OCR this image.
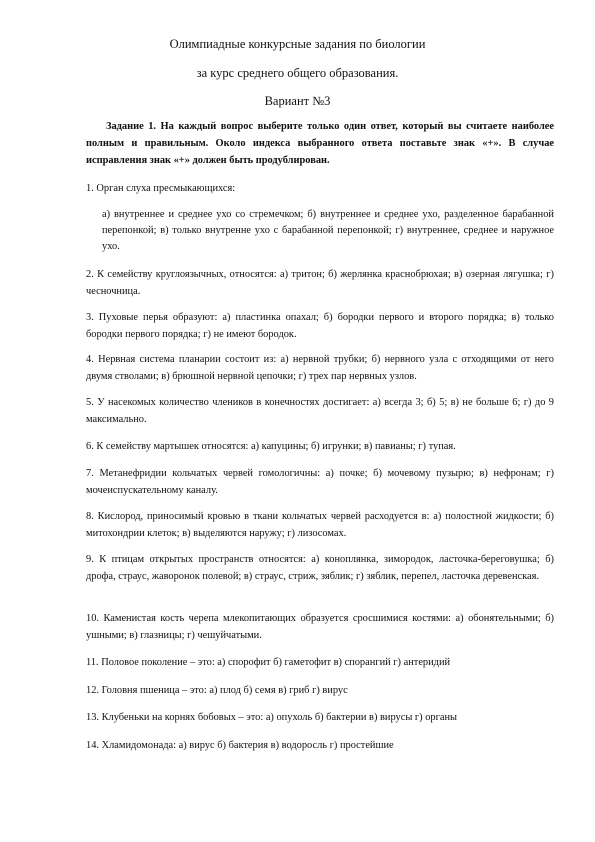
Олимпиадные конкурсные задания по биологии
за курс среднего общего образования.
Вариант №3
Задание 1. На каждый вопрос выберите только один ответ, который вы считаете наиболее полным и правильным. Около индекса выбранного ответа поставьте знак «+». В случае исправления знак «+» должен быть продублирован.
1. Орган слуха пресмыкающихся:
а) внутреннее и среднее ухо со стремечком; б) внутреннее и среднее ухо, разделенное барабанной перепонкой; в) только внутренне ухо с барабанной перепонкой; г) внутреннее, среднее и наружное ухо.
2. К семейству круглоязычных, относятся: а) тритон; б) жерлянка краснобрюхая; в) озерная лягушка; г) чесночница.
3. Пуховые перья образуют: а) пластинка опахал; б) бородки первого и второго порядка; в) только бородки первого порядка; г) не имеют бородок.
4. Нервная система планарии состоит из: а) нервной трубки; б) нервного узла с отходящими от него двумя стволами; в) брюшной нервной цепочки; г) трех пар нервных узлов.
5. У насекомых количество члеников в конечностях достигает: а) всегда 3; б) 5; в) не больше 6; г) до 9 максимально.
6. К семейству мартышек относятся: а) капуцины; б) игрунки; в) павианы; г) тупая.
7. Метанефридии кольчатых червей гомологичны: а) почке; б) мочевому пузырю; в) нефронам; г) мочеиспускательному каналу.
8. Кислород, приносимый кровью в ткани кольчатых червей расходуется в: а) полостной жидкости; б) митохондрии клеток; в) выделяются наружу; г) лизосомах.
9. К птицам открытых пространств относятся: а) коноплянка, зимородок, ласточка-береговушка; б) дрофа, страус, жаворонок полевой; в) страус, стриж, зяблик; г) зяблик, перепел, ласточка деревенская.
10. Каменистая кость черепа млекопитающих образуется сросшимися костями: а) обонятельными; б) ушными; в) глазницы; г) чешуйчатыми.
11. Половое поколение – это: а) спорофит б) гаметофит в) спорангий г) антеридий
12. Головня пшеница – это: а) плод б) семя в) гриб г) вирус
13. Клубеньки на корнях бобовых – это: а) опухоль б) бактерии в) вирусы г) органы
14. Хламидомонада: а) вирус б) бактерия в) водоросль г) простейшие
